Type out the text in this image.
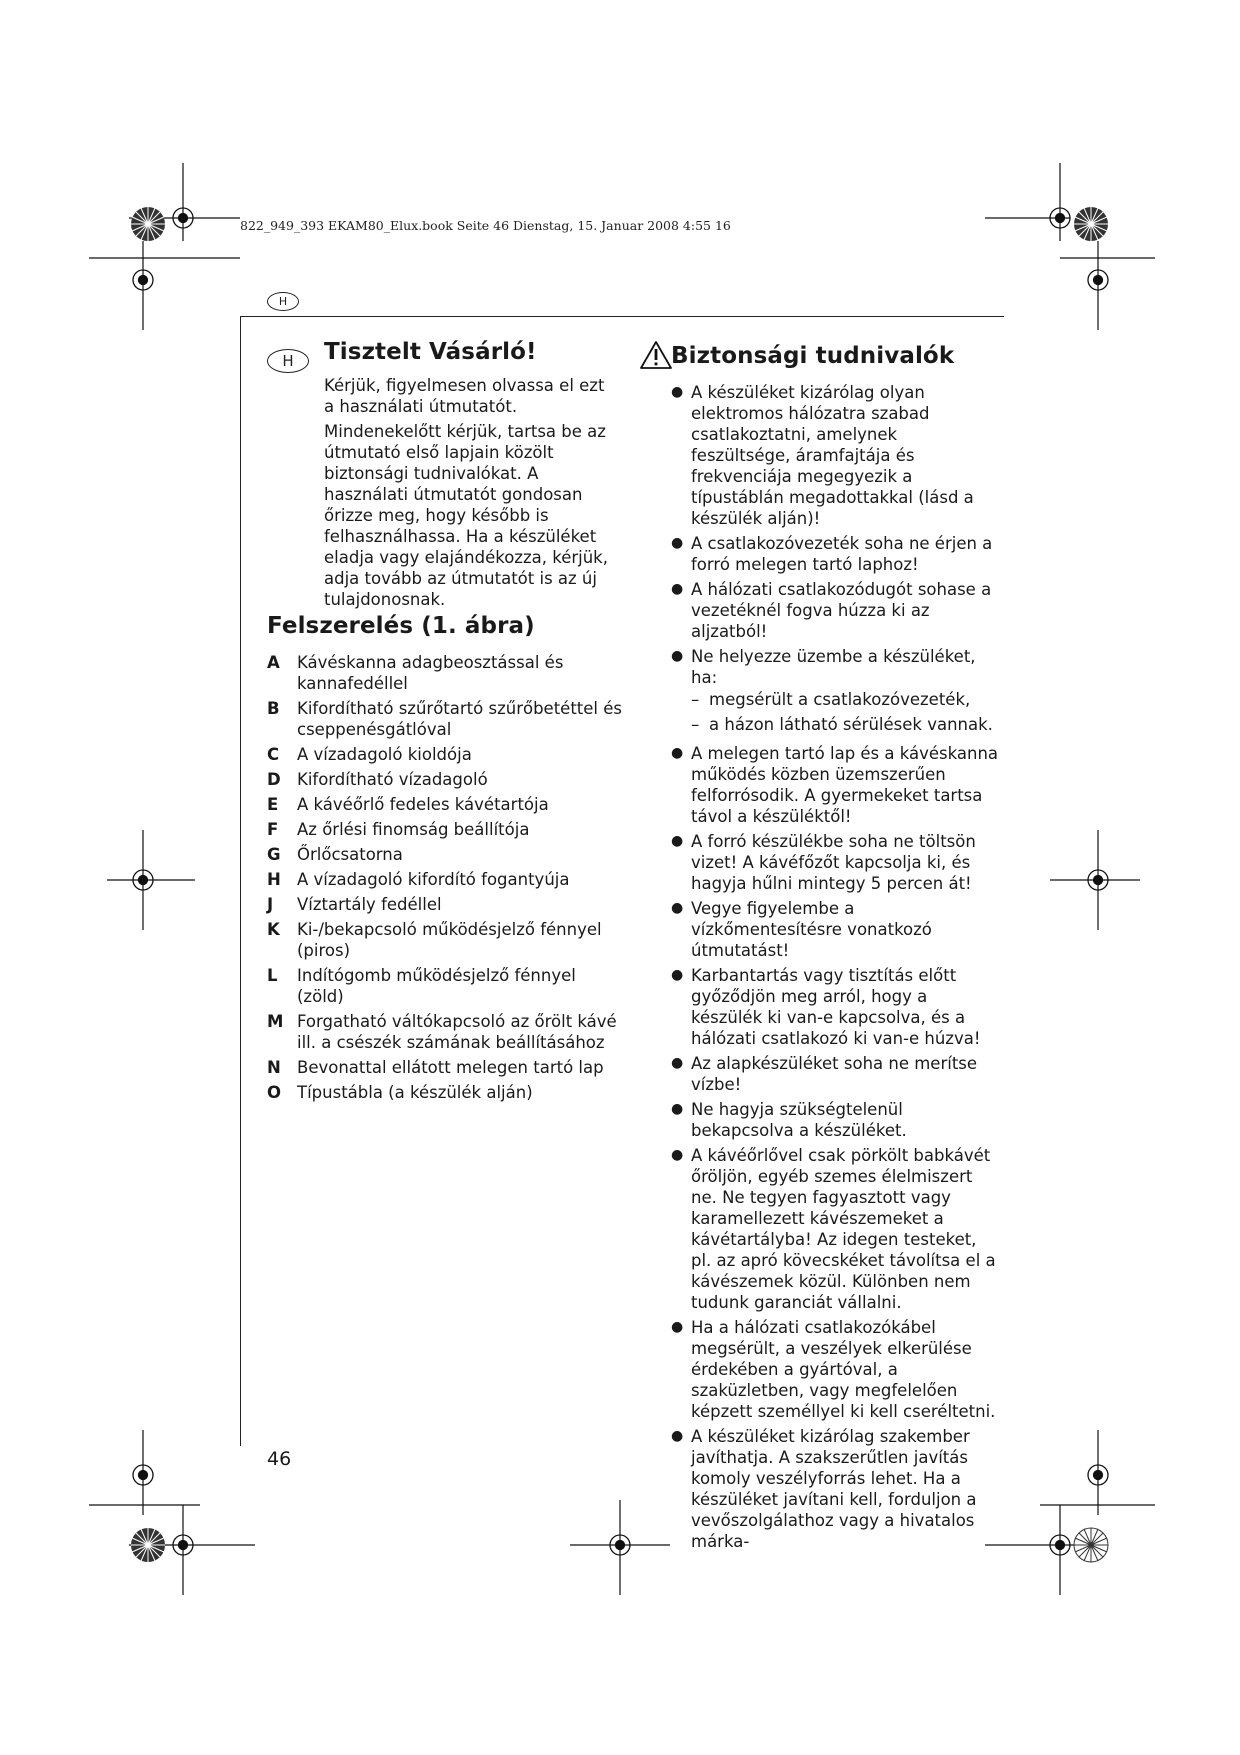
822_949_393 EKAM80_Elux.book Seite 46 Dienstag, 15. Januar 2008 4:55 16
H
H	Tisztelt Vásárló!

Kérjük, figyelmesen olvassa el ezt a használati útmutatót.

Mindenekelőtt kérjük, tartsa be az útmutató első lapjain közölt biztonsági tudnivalókat. A használati útmutatót gondosan őrizze meg, hogy később is felhasználhassa. Ha a készüléket eladja vagy elajándékozza, kérjük, adja tovább az útmutatót is az új tulajdonosnak.

Felszerelés (1. ábra)
A	Kávéskanna adagbeosztással és kannafedéllel
B	Kifordítható szűrőtartó szűrőbetéttel és cseppenésgátlóval
C	A vízadagoló kioldója
D Kifordítható vízadagoló
E	A kávéőrlő fedeles kávétartója
F	Az őrlési finomság beállítója
G Őrlőcsatorna
H A vízadagoló kifordító fogantyúja
J	Víztartály fedéllel
K	Ki-/bekapcsoló működésjelző fénnyel (piros)
L	Indítógomb működésjelző fénnyel (zöld)
M Forgatható váltókapcsoló az őrölt kávé ill. a csészék számának beállításához
N Bevonattal ellátott melegen tartó lap
O Típustábla (a készülék alján)
Biztonsági tudnivalók
● A készüléket kizárólag olyan elektromos hálózatra szabad csatlakoztatni, amelynek feszültsége, áramfajtája és frekvenciája megegyezik a típustáblán megadottakkal (lásd a készülék alján)!
● A csatlakozóvezeték soha ne érjen a forró melegen tartó laphoz!
● A hálózati csatlakozódugót sohase a vezetéknél fogva húzza ki az aljzatból!
● Ne helyezze üzembe a készüléket, ha:
– megsérült a csatlakozóvezeték,
– a házon látható sérülések vannak.
● A melegen tartó lap és a kávéskanna működés közben üzemszerűen felforrósodik. A gyermekeket tartsa távol a készüléktől!
● A forró készülékbe soha ne töltsön vizet! A kávéfőzőt kapcsolja ki, és hagyja hűlni mintegy 5 percen át!
● Vegye figyelembe a vízkőmentesítésre vonatkozó útmutatást!
● Karbantartás vagy tisztítás előtt győződjön meg arról, hogy a készülék ki van-e kapcsolva, és a hálózati csatlakozó ki van-e húzva!
● Az alapkészüléket soha ne merítse vízbe!
● Ne hagyja szükségtelenül bekapcsolva a készüléket.
● A kávéőrlővel csak pörkölt babkávét őröljön, egyéb szemes élelmiszert ne. Ne tegyen fagyasztott vagy karamellezett kávészemeket a kávétartályba! Az idegen testeket, pl. az apró kövecskéket távolítsa el a kávészemek közül. Különben nem tudunk garanciát vállalni.
● Ha a hálózati csatlakozókábel megsérült, a veszélyek elkerülése érdekében a gyártóval, a szaküzletben, vagy megfelelően képzett személlyel ki kell cseréltetni.
● A készüléket kizárólag szakember javíthatja. A szakszerűtlen javítás komoly veszélyforrás lehet. Ha a készüléket javítani kell, forduljon a vevőszolgálathoz vagy a hivatalos márka-
46
